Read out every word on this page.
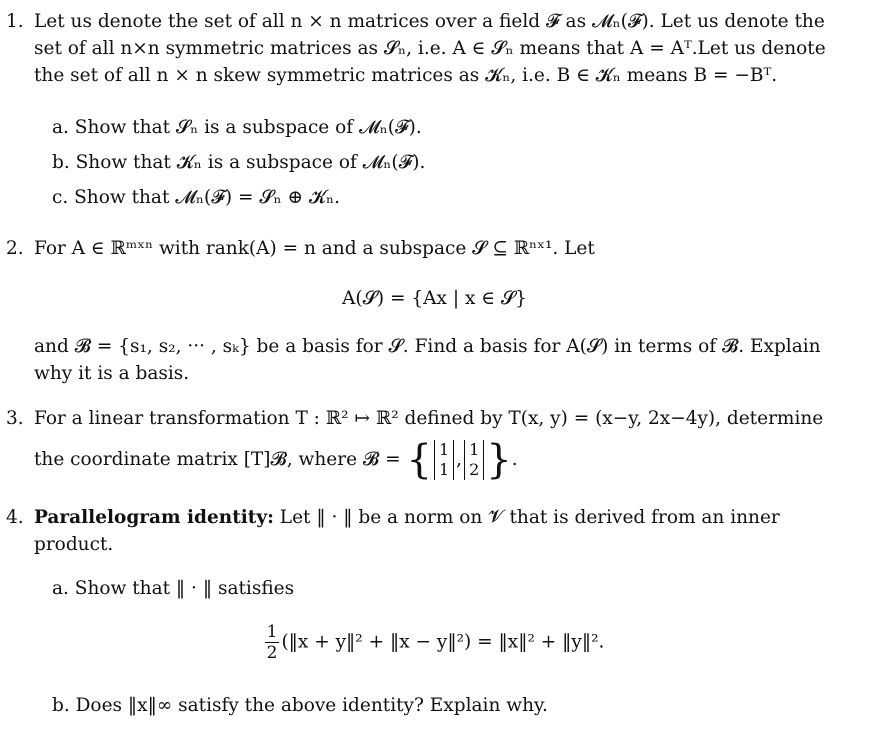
1. Let us denote the set of all n × n matrices over a field 𝓕 as 𝓜ₙ(𝓕). Let us denote the
set of all n×n symmetric matrices as 𝓢ₙ, i.e. A ∈ 𝓢ₙ means that A = Aᵀ.Let us denote
the set of all n × n skew symmetric matrices as 𝓚ₙ, i.e. B ∈ 𝓚ₙ means B = −Bᵀ.
a. Show that 𝓢ₙ is a subspace of 𝓜ₙ(𝓕).
b. Show that 𝓚ₙ is a subspace of 𝓜ₙ(𝓕).
c. Show that 𝓜ₙ(𝓕) = 𝓢ₙ ⊕ 𝓚ₙ.
2. For A ∈ ℝᵐˣⁿ with rank(A) = n and a subspace 𝓢 ⊆ ℝⁿˣ¹. Let
A(𝓢) = {Ax | x ∈ 𝓢}
and 𝓑 = {s₁, s₂, ··· , sₖ} be a basis for 𝓢. Find a basis for A(𝓢) in terms of 𝓑. Explain
why it is a basis.
3. For a linear transformation T : ℝ² ↦ ℝ² defined by T(x, y) = (x−y, 2x−4y), determine
the coordinate matrix [T]𝓑, where 𝓑 = { 1
1 , 1
2 }.
4. Parallelogram identity: Let ‖ · ‖ be a norm on 𝓥 that is derived from an inner
product.
a. Show that ‖ · ‖ satisfies
$\frac{1}{2}$ (‖x + y‖² + ‖x − y‖²) = ‖x‖² + ‖y‖².
b. Does ‖x‖∞ satisfy the above identity? Explain why.
